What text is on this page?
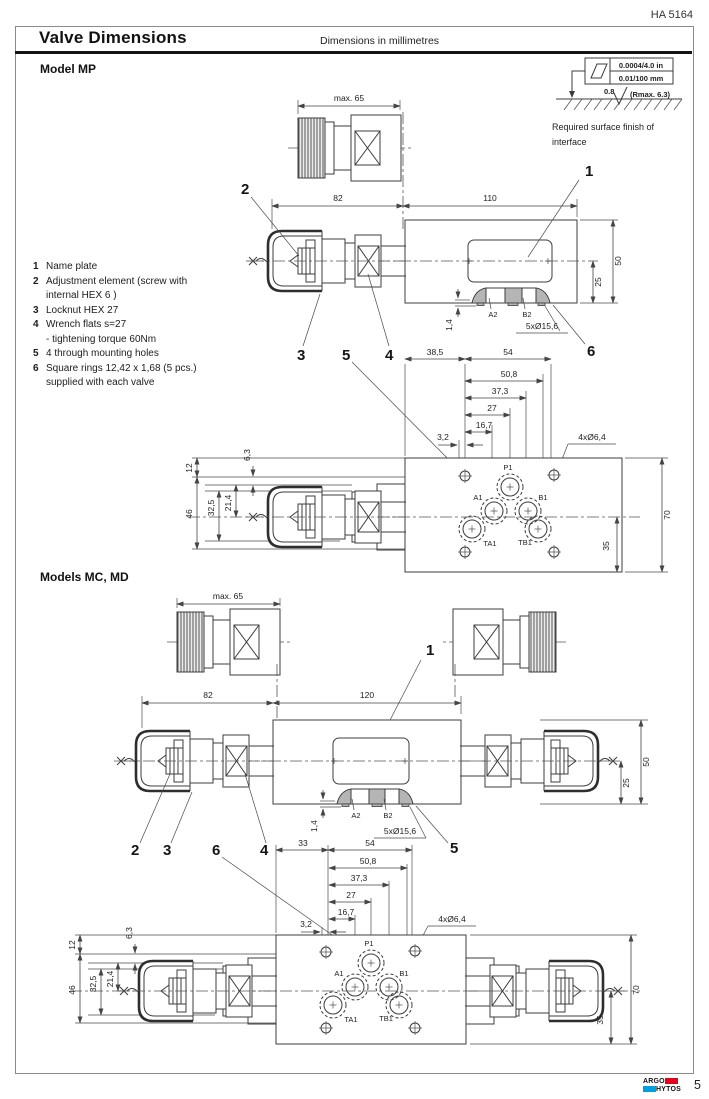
HA 5164
Valve Dimensions	Dimensions in millimetres
Model MP
Models MC, MD
1 Name plate
2 Adjustment element (screw with
internal HEX 6 )
3 Locknut HEX 27
4 Wrench flats s=27
- tightening torque 60Nm
5 4 through mounting holes
6 Square rings 12,42 x 1,68 (5 pcs.)
supplied with each valve
B1
TB1
0.0004/4.0 in
0.01/100 mm
0.8 (Rmax. 6.3)
max. 65
82	110
A2	B2
1,4	5xØ15,6
50
25
1
2
3 5 4	6
38,5	54
50,8
37,3
27
16,7
3,2	4xØ6,4
12
46 32,5 21,4
6,3
70
35
max. 65
1
82	120
A2	B2
1,4	5xØ15,6
5
50
25
2 3	6	4	33	54
50,8
37,3
27
16,7
3,2	4xØ6,4
12
46 32,5 21,4
6,3
70
35
Required surface finish of
interface
ARGO
HYTOS 5
